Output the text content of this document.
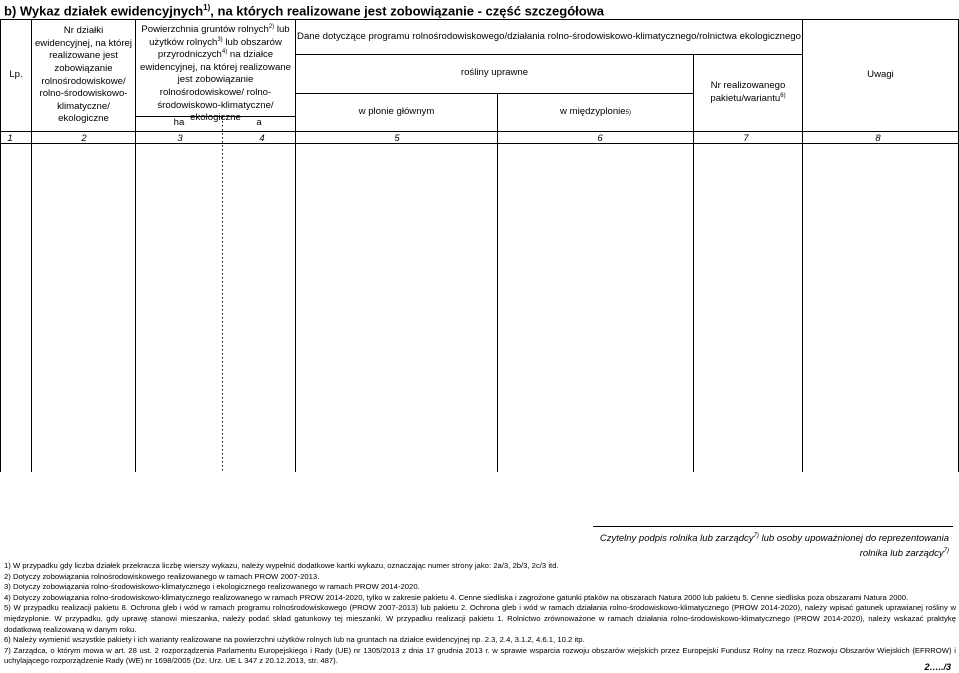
b) Wykaz działek ewidencyjnych$^{1)}$, na których realizowane jest zobowiązanie - część szczegółowa
Lp.
Nr działki ewidencyjnej, na której realizowane jest zobowiązanie rolnośrodowiskowe/ rolno-środowiskowo-klimatyczne/ ekologiczne
Powierzchnia gruntów rolnych$^{2)}$ lub użytków rolnych$^{3)}$ lub obszarów przyrodniczych$^{4)}$ na działce ewidencyjnej, na której realizowane jest zobowiązanie rolnośrodowiskowe/ rolno-środowiskowo-klimatyczne/ ekologiczne
ha	a
Dane dotyczące programu rolnośrodowiskowego/działania rolno-środowiskowo-klimatycznego/rolnictwa ekologicznego
rośliny uprawne
w plonie głównym	w międzyplonie 5)
Nr realizowanego pakietu/wariantu$^{6)}$
Uwagi
1	2	3	4	5	6	7	8
Czytelny podpis rolnika lub zarządcy$^{7)}$ lub osoby upoważnionej do reprezentowania
rolnika lub zarządcy$^{7)}$
1) W przypadku gdy liczba działek przekracza liczbę wierszy wykazu, należy wypełnić dodatkowe kartki wykazu, oznaczając numer strony jako: 2a/3, 2b/3, 2c/3 itd.
2) Dotyczy zobowiązania rolnośrodowiskowego realizowanego w ramach PROW 2007-2013.
3) Dotyczy zobowiązania rolno-środowiskowo-klimatycznego i ekologicznego realizowanego w ramach PROW 2014-2020.
4) Dotyczy zobowiązania rolno-środowiskowo-klimatycznego realizowanego w ramach PROW 2014-2020, tylko w zakresie pakietu 4. Cenne siedliska i zagrożone gatunki ptaków na obszarach Natura 2000 lub pakietu 5. Cenne siedliska poza obszarami Natura 2000.
5) W przypadku realizacji pakietu 8. Ochrona gleb i wód w ramach programu rolnośrodowiskowego (PROW 2007-2013) lub pakietu 2. Ochrona gleb i wód w ramach działania rolno-środowiskowo-klimatycznego (PROW 2014-2020), należy wpisać gatunek uprawianej rośliny w międzyplonie. W przypadku, gdy uprawę stanowi mieszanka, należy podać skład gatunkowy tej mieszanki. W przypadku realizacji pakietu 1. Rolnictwo zrównoważone w ramach działania rolno-środowiskowo-klimatycznego (PROW 2014-2020), należy wskazać praktykę dodatkową realizowaną w danym roku.
6) Należy wymienić wszystkie pakiety i ich warianty realizowane na powierzchni użytków rolnych lub na gruntach na działce ewidencyjnej np. 2.3, 2.4, 3.1.2, 4.6.1, 10.2 itp.
7) Zarządca, o którym mowa w art. 28 ust. 2 rozporządzenia Parlamentu Europejskiego i Rady (UE) nr 1305/2013 z dnia 17 grudnia 2013 r. w sprawie wsparcia rozwoju obszarów wiejskich przez Europejski Fundusz Rolny na rzecz Rozwoju Obszarów Wiejskich (EFRROW) i uchylającego rozporządzenie Rady (WE) nr 1698/2005 (Dz. Urz. UE L 347 z 20.12.2013, str. 487).
2…../3
